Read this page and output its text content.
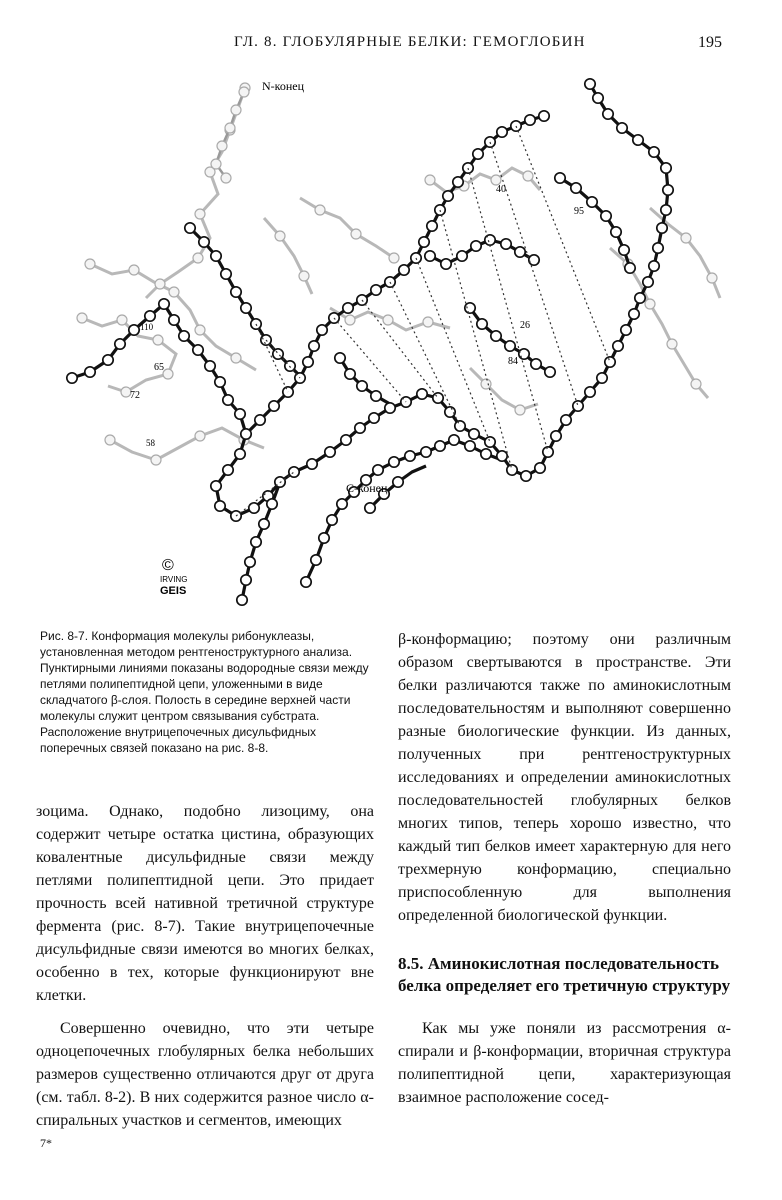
ГЛ. 8. ГЛОБУЛЯРНЫЕ БЕЛКИ: ГЕМОГЛОБИН	195
N-конец
С-конец
40
95
26
84
110
65
72
58
©
IRVING
GEIS
Рис. 8-7. Конформация молекулы рибонуклеазы, установленная методом рентгеноструктурного анализа. Пунктирными линиями показаны водородные связи между петлями полипептидной цепи, уложенными в виде складчатого β-слоя. Полость в середине верхней части молекулы служит центром связывания субстрата. Расположение внутрицепочечных дисульфидных поперечных связей показано на рис. 8-8.

зоцима. Однако, подобно лизоциму, она содержит четыре остатка цистина, образующих ковалентные дисульфидные связи между петлями полипептидной цепи. Это придает прочность всей нативной третичной структуре фермента (рис. 8-7). Такие внутрицепочечные дисульфидные связи имеются во многих белках, особенно в тех, которые функционируют вне клетки.

Совершенно очевидно, что эти четыре одноцепочечных глобулярных белка небольших размеров существенно отличаются друг от друга (см. табл. 8-2). В них содержится разное число α-спиральных участков и сегментов, имеющих

β-конформацию; поэтому они различным образом свертываются в пространстве. Эти белки различаются также по аминокислотным последовательностям и выполняют совершенно разные биологические функции. Из данных, полученных при рентгеноструктурных исследованиях и определении аминокислотных последовательностей глобулярных белков многих типов, теперь хорошо известно, что каждый тип белков имеет характерную для него трехмерную конформацию, специально приспособленную для выполнения определенной биологической функции.

8.5. Аминокислотная последовательность белка определяет его третичную структуру

Как мы уже поняли из рассмотрения α-спирали и β-конформации, вторичная структура полипептидной цепи, характеризующая взаимное расположение сосед-

7*
